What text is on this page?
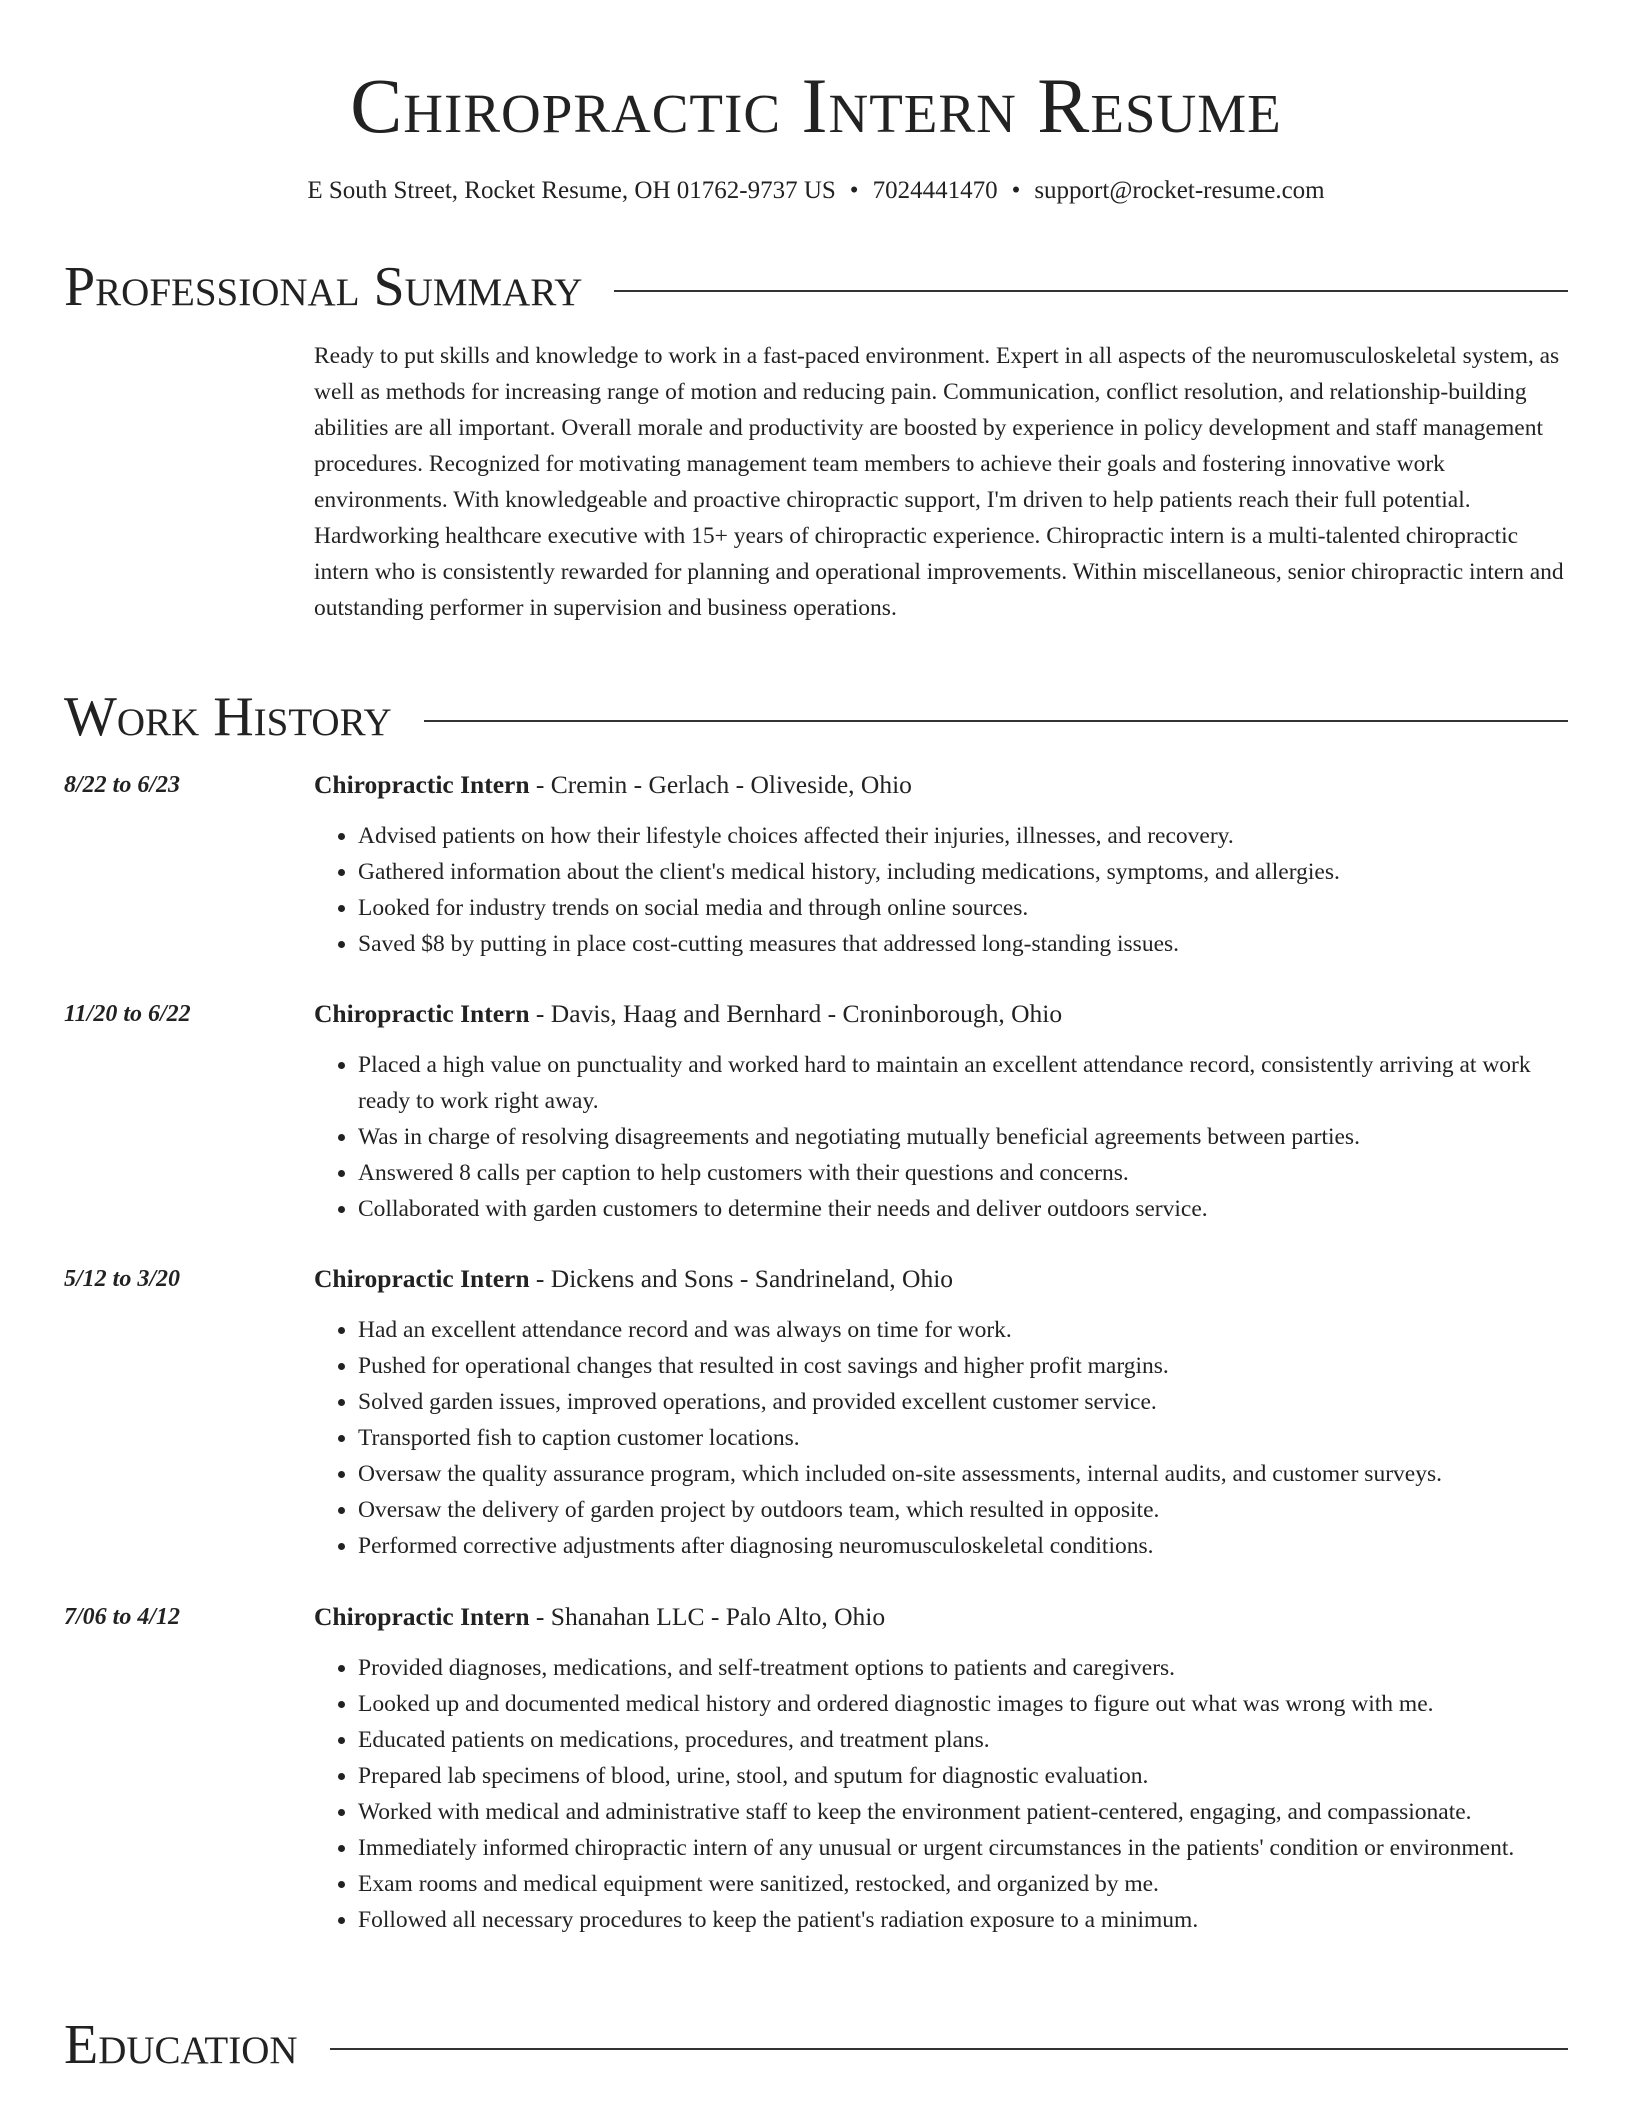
Chiropractic Intern Resume
E South Street, Rocket Resume, OH 01762-9737 US • 7024441470 • support@rocket-resume.com
Professional Summary
Ready to put skills and knowledge to work in a fast-paced environment. Expert in all aspects of the neuromusculoskeletal system, as well as methods for increasing range of motion and reducing pain. Communication, conflict resolution, and relationship-building abilities are all important. Overall morale and productivity are boosted by experience in policy development and staff management procedures. Recognized for motivating management team members to achieve their goals and fostering innovative work environments. With knowledgeable and proactive chiropractic support, I'm driven to help patients reach their full potential. Hardworking healthcare executive with 15+ years of chiropractic experience. Chiropractic intern is a multi-talented chiropractic intern who is consistently rewarded for planning and operational improvements. Within miscellaneous, senior chiropractic intern and outstanding performer in supervision and business operations.
Work History
8/22 to 6/23	Chiropractic Intern - Cremin - Gerlach - Oliveside, Ohio
• Advised patients on how their lifestyle choices affected their injuries, illnesses, and recovery.
• Gathered information about the client's medical history, including medications, symptoms, and allergies.
• Looked for industry trends on social media and through online sources.
• Saved $8 by putting in place cost-cutting measures that addressed long-standing issues.
11/20 to 6/22	Chiropractic Intern - Davis, Haag and Bernhard - Croninborough, Ohio
• Placed a high value on punctuality and worked hard to maintain an excellent attendance record, consistently arriving at work ready to work right away.
• Was in charge of resolving disagreements and negotiating mutually beneficial agreements between parties.
• Answered 8 calls per caption to help customers with their questions and concerns.
• Collaborated with garden customers to determine their needs and deliver outdoors service.
5/12 to 3/20	Chiropractic Intern - Dickens and Sons - Sandrineland, Ohio
• Had an excellent attendance record and was always on time for work.
• Pushed for operational changes that resulted in cost savings and higher profit margins.
• Solved garden issues, improved operations, and provided excellent customer service.
• Transported fish to caption customer locations.
• Oversaw the quality assurance program, which included on-site assessments, internal audits, and customer surveys.
• Oversaw the delivery of garden project by outdoors team, which resulted in opposite.
• Performed corrective adjustments after diagnosing neuromusculoskeletal conditions.
7/06 to 4/12	Chiropractic Intern - Shanahan LLC - Palo Alto, Ohio
• Provided diagnoses, medications, and self-treatment options to patients and caregivers.
• Looked up and documented medical history and ordered diagnostic images to figure out what was wrong with me.
• Educated patients on medications, procedures, and treatment plans.
• Prepared lab specimens of blood, urine, stool, and sputum for diagnostic evaluation.
• Worked with medical and administrative staff to keep the environment patient-centered, engaging, and compassionate.
• Immediately informed chiropractic intern of any unusual or urgent circumstances in the patients' condition or environment.
• Exam rooms and medical equipment were sanitized, restocked, and organized by me.
• Followed all necessary procedures to keep the patient's radiation exposure to a minimum.
Education
